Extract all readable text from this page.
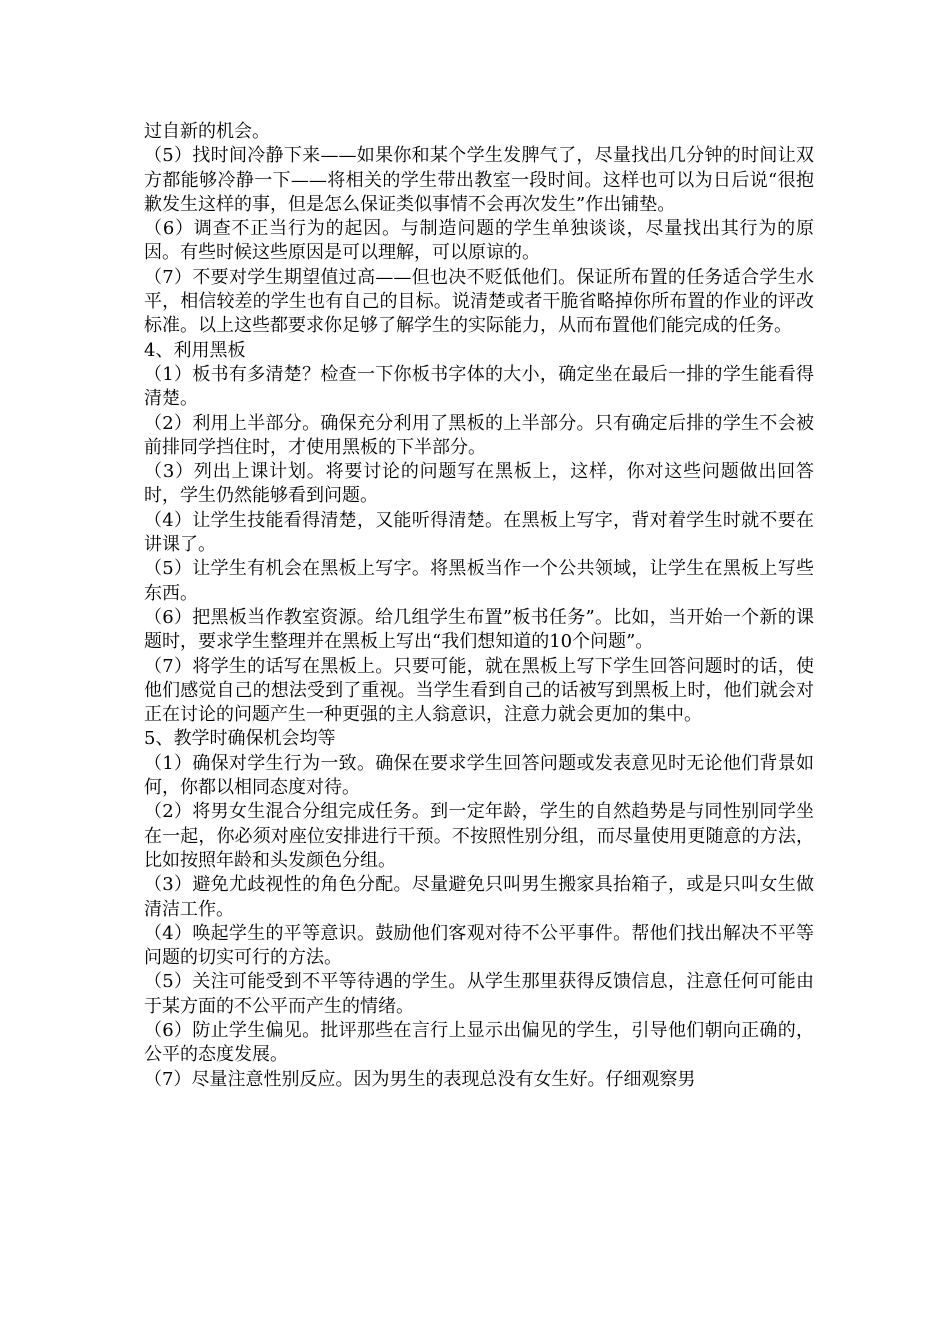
过自新的机会。

（5）找时间冷静下来——如果你和某个学生发脾气了，尽量找出几分钟的时间让双方都能够冷静一下——将相关的学生带出教室一段时间。这样也可以为日后说“很抱歉发生这样的事，但是怎么保证类似事情不会再次发生”作出铺垫。

（6）调查不正当行为的起因。与制造问题的学生单独谈谈，尽量找出其行为的原因。有些时候这些原因是可以理解，可以原谅的。

（7）不要对学生期望值过高——但也决不贬低他们。保证所布置的任务适合学生水平，相信较差的学生也有自己的目标。说清楚或者干脆省略掉你所布置的作业的评改标准。以上这些都要求你足够了解学生的实际能力，从而布置他们能完成的任务。

4、利用黑板

（1）板书有多清楚？检查一下你板书字体的大小，确定坐在最后一排的学生能看得清楚。

（2）利用上半部分。确保充分利用了黑板的上半部分。只有确定后排的学生不会被前排同学挡住时，才使用黑板的下半部分。

（3）列出上课计划。将要讨论的问题写在黑板上，这样，你对这些问题做出回答时，学生仍然能够看到问题。

（4）让学生技能看得清楚，又能听得清楚。在黑板上写字，背对着学生时就不要在讲课了。

（5）让学生有机会在黑板上写字。将黑板当作一个公共领域，让学生在黑板上写些东西。

（6）把黑板当作教室资源。给几组学生布置”板书任务”。比如，当开始一个新的课题时，要求学生整理并在黑板上写出“我们想知道的10个问题”。

（7）将学生的话写在黑板上。只要可能，就在黑板上写下学生回答问题时的话，使他们感觉自己的想法受到了重视。当学生看到自己的话被写到黑板上时，他们就会对正在讨论的问题产生一种更强的主人翁意识，注意力就会更加的集中。

5、教学时确保机会均等

（1）确保对学生行为一致。确保在要求学生回答问题或发表意见时无论他们背景如何，你都以相同态度对待。

（2）将男女生混合分组完成任务。到一定年龄，学生的自然趋势是与同性别同学坐在一起，你必须对座位安排进行干预。不按照性别分组，而尽量使用更随意的方法，比如按照年龄和头发颜色分组。

（3）避免尤歧视性的角色分配。尽量避免只叫男生搬家具抬箱子，或是只叫女生做清洁工作。

（4）唤起学生的平等意识。鼓励他们客观对待不公平事件。帮他们找出解决不平等问题的切实可行的方法。

（5）关注可能受到不平等待遇的学生。从学生那里获得反馈信息，注意任何可能由于某方面的不公平而产生的情绪。

（6）防止学生偏见。批评那些在言行上显示出偏见的学生，引导他们朝向正确的，公平的态度发展。

（7）尽量注意性别反应。因为男生的表现总没有女生好。仔细观察男
